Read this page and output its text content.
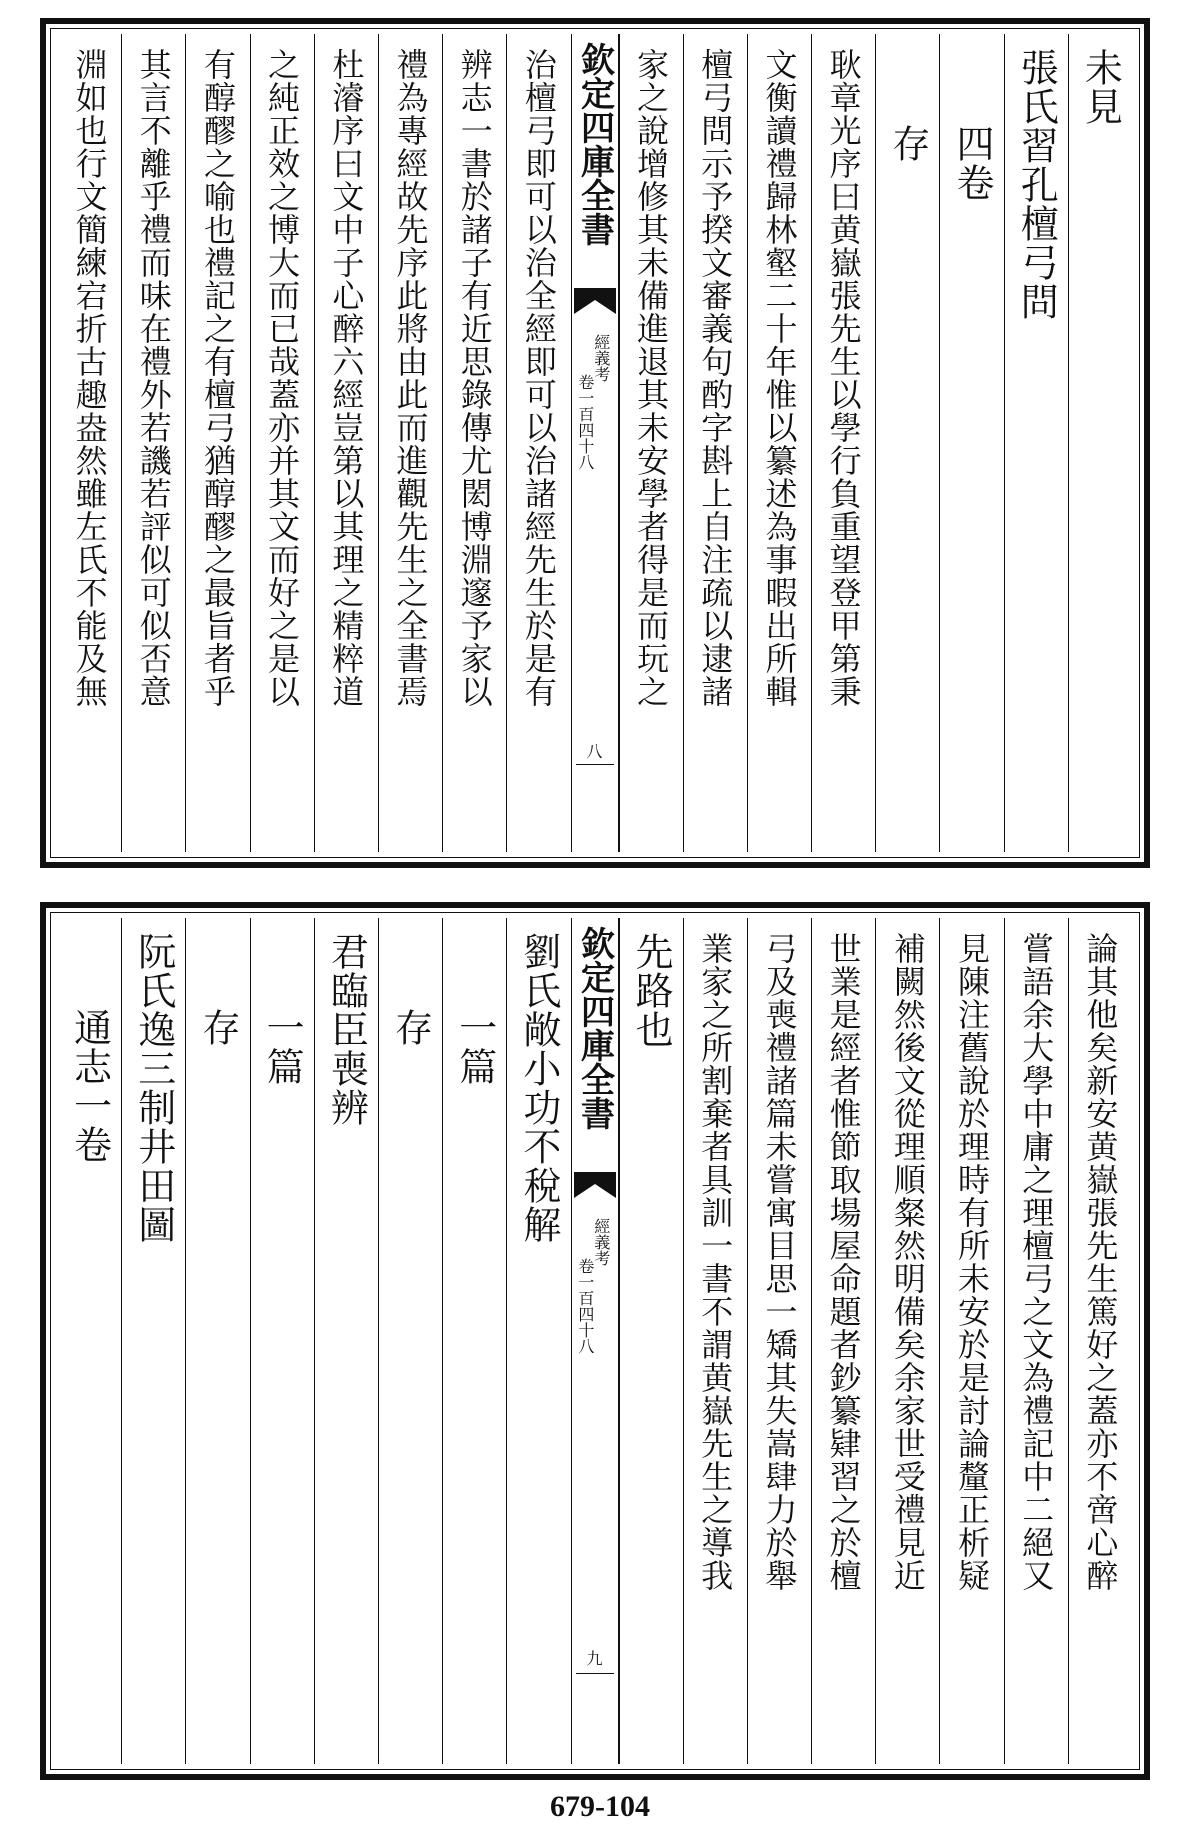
未見
張氏習孔檀弓問
四卷
存
耿章光序曰黄嶽張先生以學行負重望登甲第秉
文衡讀禮歸林壑二十年惟以纂述為事暇出所輯
檀弓問示予揆文審義句酌字斟上自注疏以逮諸
家之說增修其未備進退其未安學者得是而玩之
欽定四庫全書
經義考
卷一百四十八
八
治檀弓即可以治全經即可以治諸經先生於是有
辨志一書於諸子有近思錄傳尤閎博淵邃予家以
禮為專經故先序此將由此而進觀先生之全書焉
杜濬序曰文中子心醉六經豈第以其理之精粹道
之純正效之博大而已哉蓋亦并其文而好之是以
有醇醪之喻也禮記之有檀弓猶醇醪之最旨者乎
其言不離乎禮而味在禮外若譏若評似可似否意
淵如也行文簡練宕折古趣盎然雖左氏不能及無
論其他矣新安黄嶽張先生篤好之蓋亦不啻心醉
嘗語余大學中庸之理檀弓之文為禮記中二絕又
見陳注舊說於理時有所未安於是討論釐正析疑
補闕然後文從理順粲然明備矣余家世受禮見近
世業是經者惟節取場屋命題者鈔纂肄習之於檀
弓及喪禮諸篇未嘗寓目思一矯其失嵩肆力於舉
業家之所割棄者具訓一書不謂黄嶽先生之導我
先路也
欽定四庫全書
經義考
卷一百四十八
九
劉氏敞小功不稅解
一篇
存
君臨臣喪辨
一篇
存
阮氏逸三制井田圖
通志一卷
679-104
